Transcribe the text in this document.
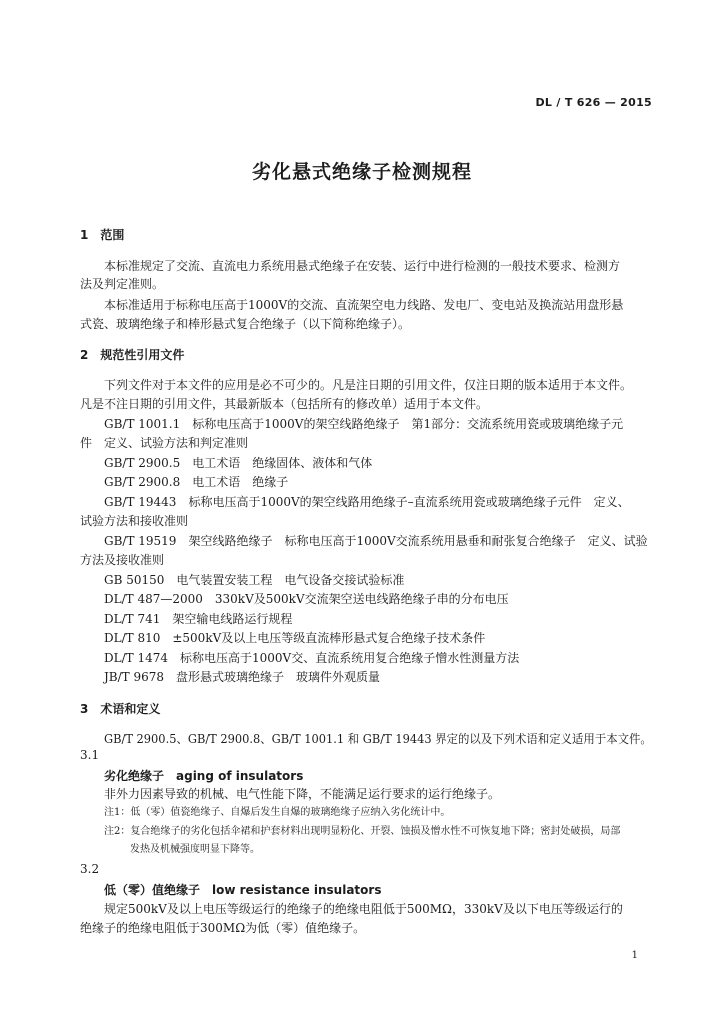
DL / T 626 — 2015
劣化悬式绝缘子检测规程
1　范围
本标准规定了交流、直流电力系统用悬式绝缘子在安装、运行中进行检测的一般技术要求、检测方
法及判定准则。
本标准适用于标称电压高于1000V的交流、直流架空电力线路、发电厂、变电站及换流站用盘形悬
式瓷、玻璃绝缘子和棒形悬式复合绝缘子（以下简称绝缘子）。
2　规范性引用文件
下列文件对于本文件的应用是必不可少的。凡是注日期的引用文件，仅注日期的版本适用于本文件。
凡是不注日期的引用文件，其最新版本（包括所有的修改单）适用于本文件。
GB/T 1001.1　标称电压高于1000V的架空线路绝缘子　第1部分：交流系统用瓷或玻璃绝缘子元
件　定义、试验方法和判定准则
GB/T 2900.5　电工术语　绝缘固体、液体和气体
GB/T 2900.8　电工术语　绝缘子
GB/T 19443　标称电压高于1000V的架空线路用绝缘子–直流系统用瓷或玻璃绝缘子元件　定义、
试验方法和接收准则
GB/T 19519　架空线路绝缘子　标称电压高于1000V交流系统用悬垂和耐张复合绝缘子　定义、试验
方法及接收准则
GB 50150　电气装置安装工程　电气设备交接试验标准
DL/T 487—2000　330kV及500kV交流架空送电线路绝缘子串的分布电压
DL/T 741　架空输电线路运行规程
DL/T 810　±500kV及以上电压等级直流棒形悬式复合绝缘子技术条件
DL/T 1474　标称电压高于1000V交、直流系统用复合绝缘子憎水性测量方法
JB/T 9678　盘形悬式玻璃绝缘子　玻璃件外观质量
3　术语和定义
GB/T 2900.5、GB/T 2900.8、GB/T 1001.1 和 GB/T 19443 界定的以及下列术语和定义适用于本文件。
3.1
劣化绝缘子　aging of insulators
非外力因素导致的机械、电气性能下降，不能满足运行要求的运行绝缘子。
注1：低（零）值瓷绝缘子、自爆后发生自爆的玻璃绝缘子应纳入劣化统计中。
注2：复合绝缘子的劣化包括伞裙和护套材料出现明显粉化、开裂、蚀损及憎水性不可恢复地下降；密封处破损，局部
发热及机械强度明显下降等。
3.2
低（零）值绝缘子　low resistance insulators
规定500kV及以上电压等级运行的绝缘子的绝缘电阻低于500MΩ，330kV及以下电压等级运行的
绝缘子的绝缘电阻低于300MΩ为低（零）值绝缘子。
1
